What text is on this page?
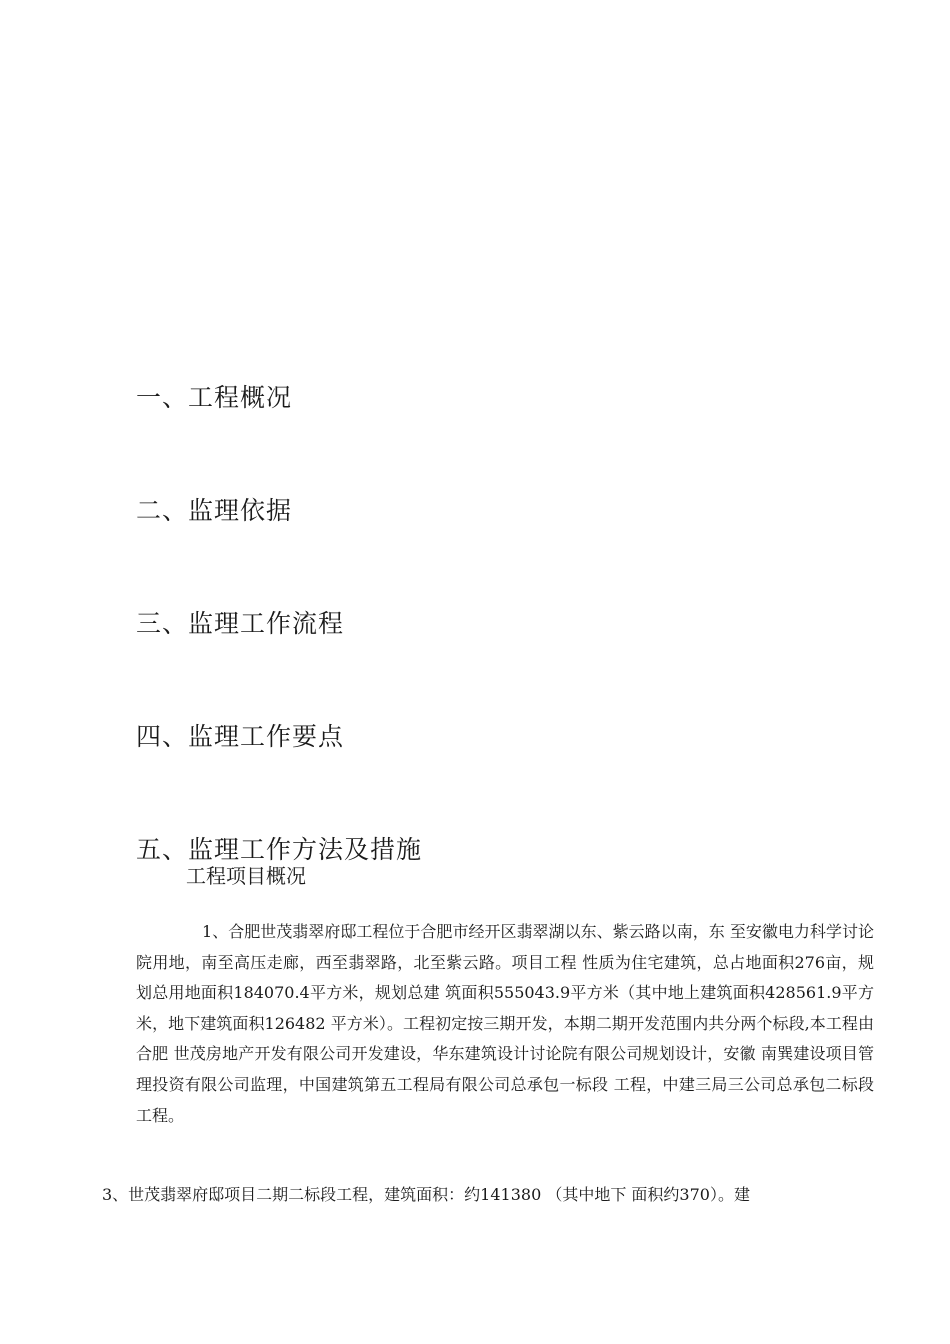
一、工程概况
二、监理依据
三、监理工作流程
四、监理工作要点
五、监理工作方法及措施
工程项目概况

1、合肥世茂翡翠府邸工程位于合肥市经开区翡翠湖以东、紫云路以南，东 至安徽电力科学讨论院用地，南至高压走廊，西至翡翠路，北至紫云路。项目工程 性质为住宅建筑，总占地面积276亩，规划总用地面积184070.4平方米，规划总建 筑面积555043.9平方米（其中地上建筑面积428561.9平方米，地下建筑面积126482 平方米）。工程初定按三期开发，本期二期开发范围内共分两个标段,本工程由合肥 世茂房地产开发有限公司开发建设，华东建筑设计讨论院有限公司规划设计，安徽 南巽建设项目管理投资有限公司监理，中国建筑第五工程局有限公司总承包一标段 工程，中建三局三公司总承包二标段工程。

3、世茂翡翠府邸项目二期二标段工程，建筑面积：约141380 （其中地下 面积约370）。建
